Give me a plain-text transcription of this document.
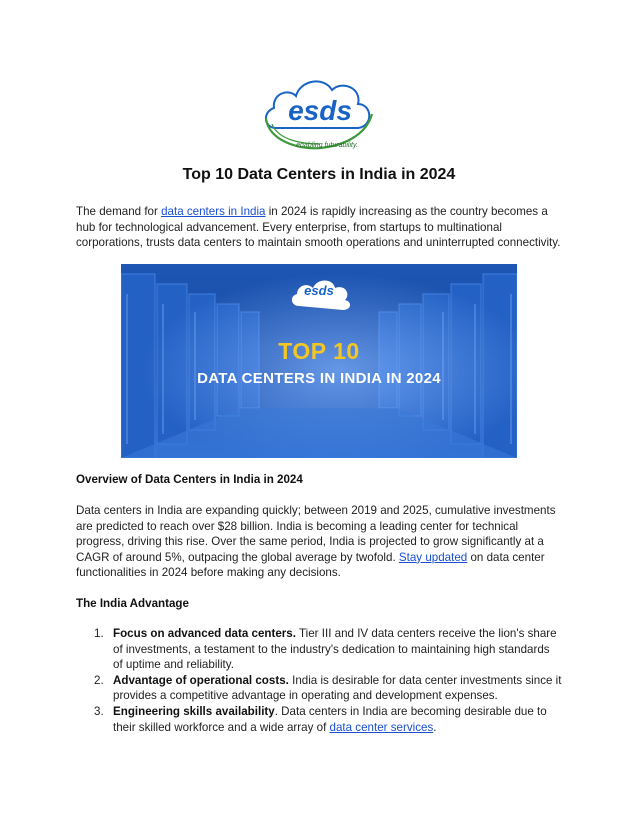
esds
enabling futurability.
Top 10 Data Centers in India in 2024
The demand for data centers in India in 2024 is rapidly increasing as the country becomes a hub for technological advancement. Every enterprise, from startups to multinational corporations, trusts data centers to maintain smooth operations and uninterrupted connectivity.
esds
enabling futurability.
TOP 10
DATA CENTERS IN INDIA IN 2024
Overview of Data Centers in India in 2024
Data centers in India are expanding quickly; between 2019 and 2025, cumulative investments are predicted to reach over $28 billion. India is becoming a leading center for technical progress, driving this rise. Over the same period, India is projected to grow significantly at a CAGR of around 5%, outpacing the global average by twofold. Stay updated on data center functionalities in 2024 before making any decisions.
The India Advantage
1. Focus on advanced data centers. Tier III and IV data centers receive the lion's share of investments, a testament to the industry's dedication to maintaining high standards of uptime and reliability.
2. Advantage of operational costs. India is desirable for data center investments since it provides a competitive advantage in operating and development expenses.
3. Engineering skills availability. Data centers in India are becoming desirable due to their skilled workforce and a wide array of data center services.
